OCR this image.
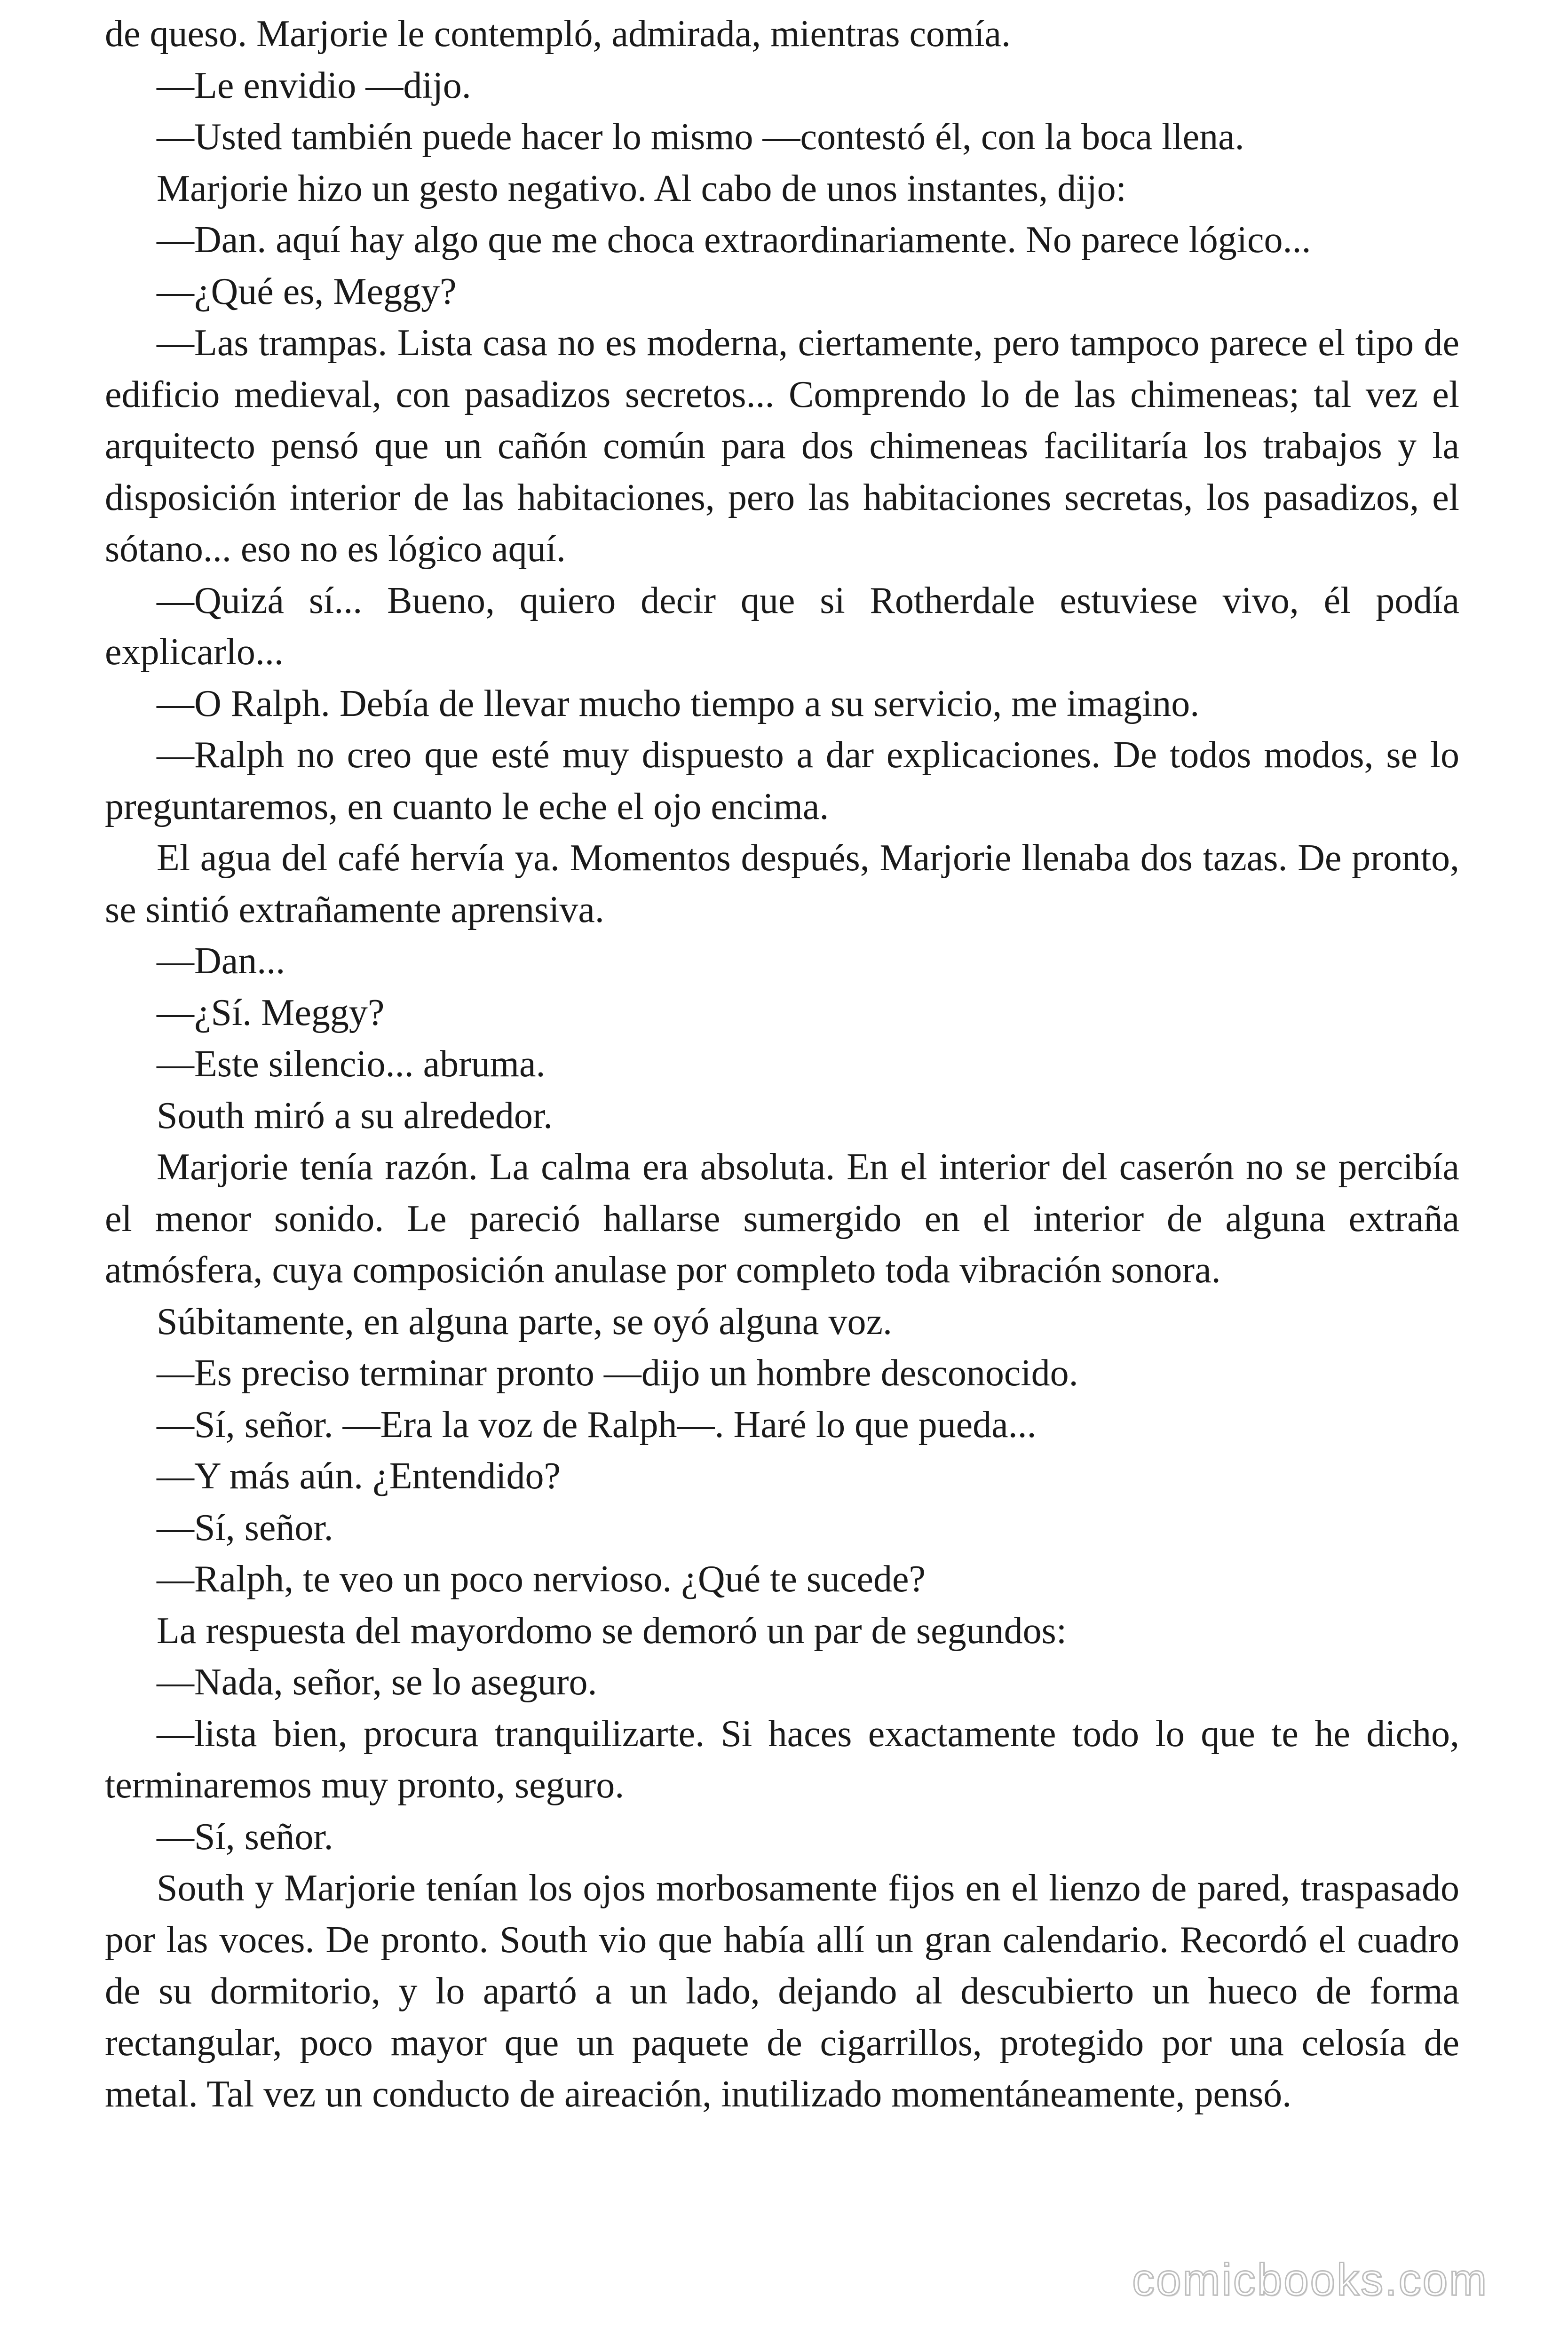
de queso. Marjorie le contempló, admirada, mientras comía.

—Le envidio —dijo.

—Usted también puede hacer lo mismo —contestó él, con la boca llena.

Marjorie hizo un gesto negativo. Al cabo de unos instantes, dijo:

—Dan. aquí hay algo que me choca extraordinariamente. No parece lógico...

—¿Qué es, Meggy?

—Las trampas. Lista casa no es moderna, ciertamente, pero tampoco parece el tipo de edificio medieval, con pasadizos secretos... Comprendo lo de las chimeneas; tal vez el arquitecto pensó que un cañón común para dos chimeneas facilitaría los trabajos y la disposición interior de las habitaciones, pero las habitaciones secretas, los pasadizos, el sótano... eso no es lógico aquí.

—Quizá sí... Bueno, quiero decir que si Rotherdale estuviese vivo, él podía explicarlo...

—O Ralph. Debía de llevar mucho tiempo a su servicio, me imagino.

—Ralph no creo que esté muy dispuesto a dar explicaciones. De todos modos, se lo preguntaremos, en cuanto le eche el ojo encima.

El agua del café hervía ya. Momentos después, Marjorie llenaba dos tazas. De pronto, se sintió extrañamente aprensiva.

—Dan...

—¿Sí. Meggy?

—Este silencio... abruma.

South miró a su alrededor.

Marjorie tenía razón. La calma era absoluta. En el interior del caserón no se percibía el menor sonido. Le pareció hallarse sumergido en el interior de alguna extraña atmósfera, cuya composición anulase por completo toda vibración sonora.

Súbitamente, en alguna parte, se oyó alguna voz.

—Es preciso terminar pronto —dijo un hombre desconocido.

—Sí, señor. —Era la voz de Ralph—. Haré lo que pueda...

—Y más aún. ¿Entendido?

—Sí, señor.

—Ralph, te veo un poco nervioso. ¿Qué te sucede?

La respuesta del mayordomo se demoró un par de segundos:

—Nada, señor, se lo aseguro.

—lista bien, procura tranquilizarte. Si haces exactamente todo lo que te he dicho, terminaremos muy pronto, seguro.

—Sí, señor.

South y Marjorie tenían los ojos morbosamente fijos en el lienzo de pared, traspasado por las voces. De pronto. South vio que había allí un gran calendario. Recordó el cuadro de su dormitorio, y lo apartó a un lado, dejando al descubierto un hueco de forma rectangular, poco mayor que un paquete de cigarrillos, protegido por una celosía de metal. Tal vez un conducto de aireación, inutilizado momentáneamente, pensó.

comicbooks.com
